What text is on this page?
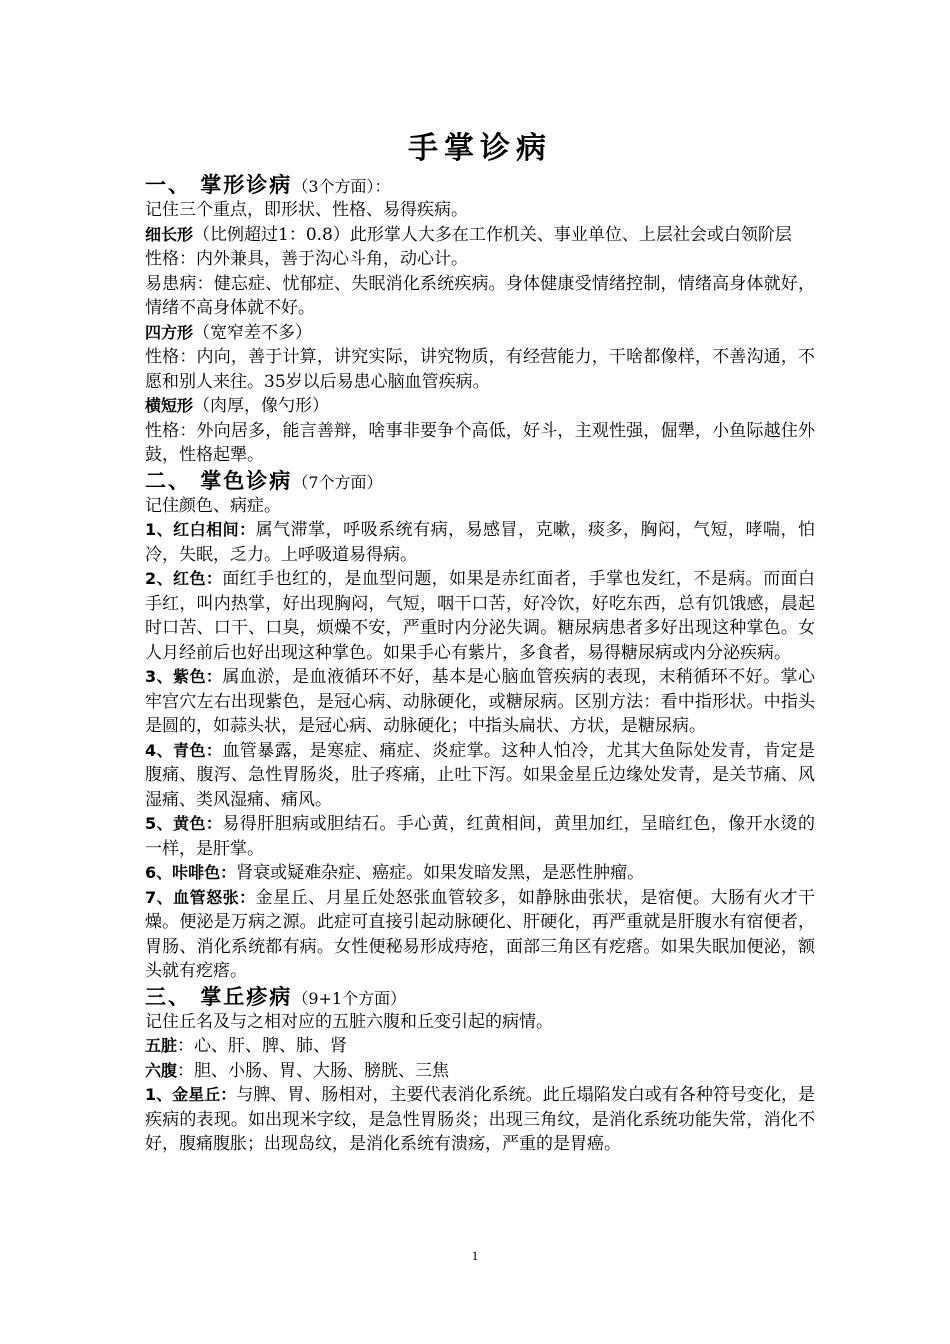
手掌诊病
一、 掌形诊病（3个方面）：
记住三个重点，即形状、性格、易得疾病。
细长形（比例超过1：0.8）此形掌人大多在工作机关、事业单位、上层社会或白领阶层
性格：内外兼具，善于沟心斗角，动心计。
易患病：健忘症、忧郁症、失眠消化系统疾病。身体健康受情绪控制，情绪高身体就好，情绪不高身体就不好。
四方形（宽窄差不多）
性格：内向，善于计算，讲究实际，讲究物质，有经营能力，干啥都像样，不善沟通，不愿和别人来往。35岁以后易患心脑血管疾病。
横短形（肉厚，像勺形）
性格：外向居多，能言善辩，啥事非要争个高低，好斗，主观性强，倔犟，小鱼际越住外鼓，性格起犟。
二、 掌色诊病（7个方面）
记住颜色、病症。
1、红白相间：属气滞掌，呼吸系统有病，易感冒，克嗽，痰多，胸闷，气短，哮喘，怕冷，失眠，乏力。上呼吸道易得病。
2、红色：面红手也红的，是血型问题，如果是赤红面者，手掌也发红，不是病。而面白手红，叫内热掌，好出现胸闷，气短，咽干口苦，好冷饮，好吃东西，总有饥饿感，晨起时口苦、口干、口臭，烦燥不安，严重时内分泌失调。糖尿病患者多好出现这种掌色。女人月经前后也好出现这种掌色。如果手心有紫片，多食者，易得糖尿病或内分泌疾病。
3、紫色：属血淤，是血液循环不好，基本是心脑血管疾病的表现，末稍循环不好。掌心牢宫穴左右出现紫色，是冠心病、动脉硬化，或糖尿病。区别方法：看中指形状。中指头是圆的，如蒜头状，是冠心病、动脉硬化；中指头扁状、方状，是糖尿病。
4、青色：血管暴露，是寒症、痛症、炎症掌。这种人怕冷，尤其大鱼际处发青，肯定是腹痛、腹泻、急性胃肠炎，肚子疼痛，止吐下泻。如果金星丘边缘处发青，是关节痛、风湿痛、类风湿痛、痛风。
5、黄色：易得肝胆病或胆结石。手心黄，红黄相间，黄里加红，呈暗红色，像开水烫的一样，是肝掌。
6、咔啡色：肾衰或疑难杂症、癌症。如果发暗发黑，是恶性肿瘤。
7、血管怒张：金星丘、月星丘处怒张血管较多，如静脉曲张状，是宿便。大肠有火才干燥。便泌是万病之源。此症可直接引起动脉硬化、肝硬化，再严重就是肝腹水有宿便者，胃肠、消化系统都有病。女性便秘易形成痔疮，面部三角区有疙瘩。如果失眠加便泌，额头就有疙瘩。
三、 掌丘疹病（9+1个方面）
记住丘名及与之相对应的五脏六腹和丘变引起的病情。
五脏：心、肝、脾、肺、肾
六腹：胆、小肠、胃、大肠、膀胱、三焦
1、金星丘：与脾、胃、肠相对，主要代表消化系统。此丘塌陷发白或有各种符号变化，是疾病的表现。如出现米字纹，是急性胃肠炎；出现三角纹，是消化系统功能失常，消化不好，腹痛腹胀；出现岛纹，是消化系统有溃疡，严重的是胃癌。
1
